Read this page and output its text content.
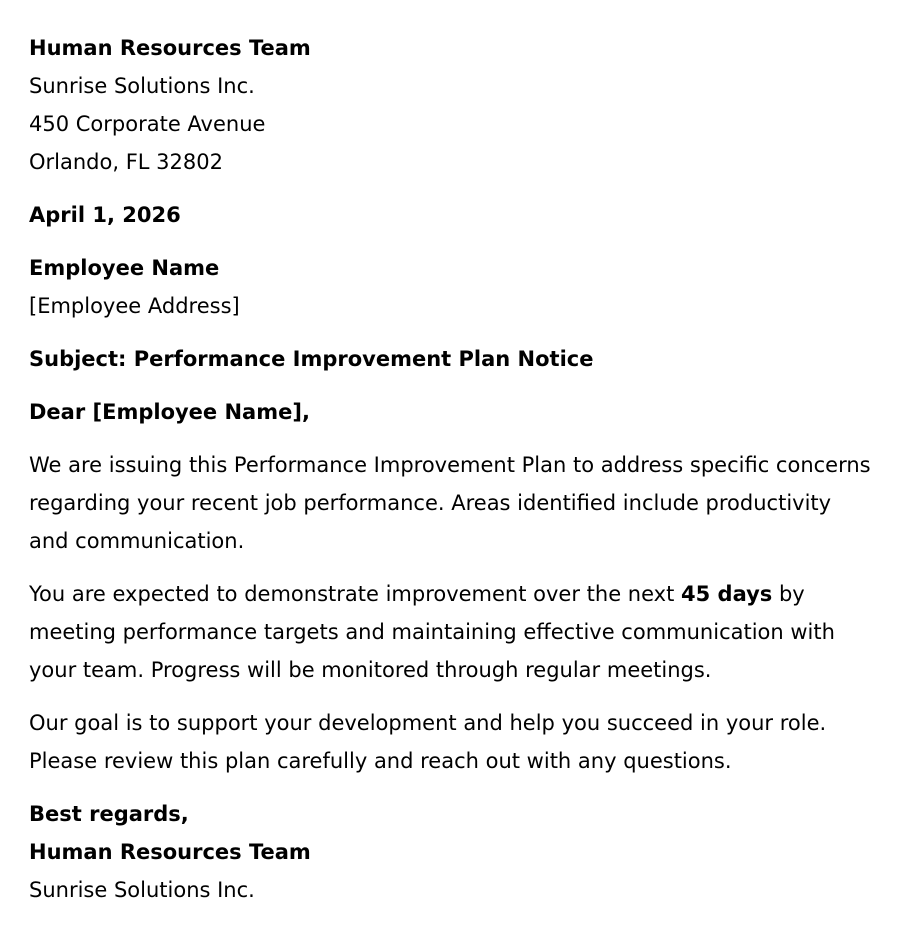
Human Resources Team
Sunrise Solutions Inc.
450 Corporate Avenue
Orlando, FL 32802
April 1, 2026
Employee Name
[Employee Address]
Subject: Performance Improvement Plan Notice
Dear [Employee Name],

We are issuing this Performance Improvement Plan to address specific concerns regarding your recent job performance. Areas identified include productivity and communication.

You are expected to demonstrate improvement over the next 45 days by meeting performance targets and maintaining effective communication with your team. Progress will be monitored through regular meetings.

Our goal is to support your development and help you succeed in your role. Please review this plan carefully and reach out with any questions.

Best regards,
Human Resources Team
Sunrise Solutions Inc.
